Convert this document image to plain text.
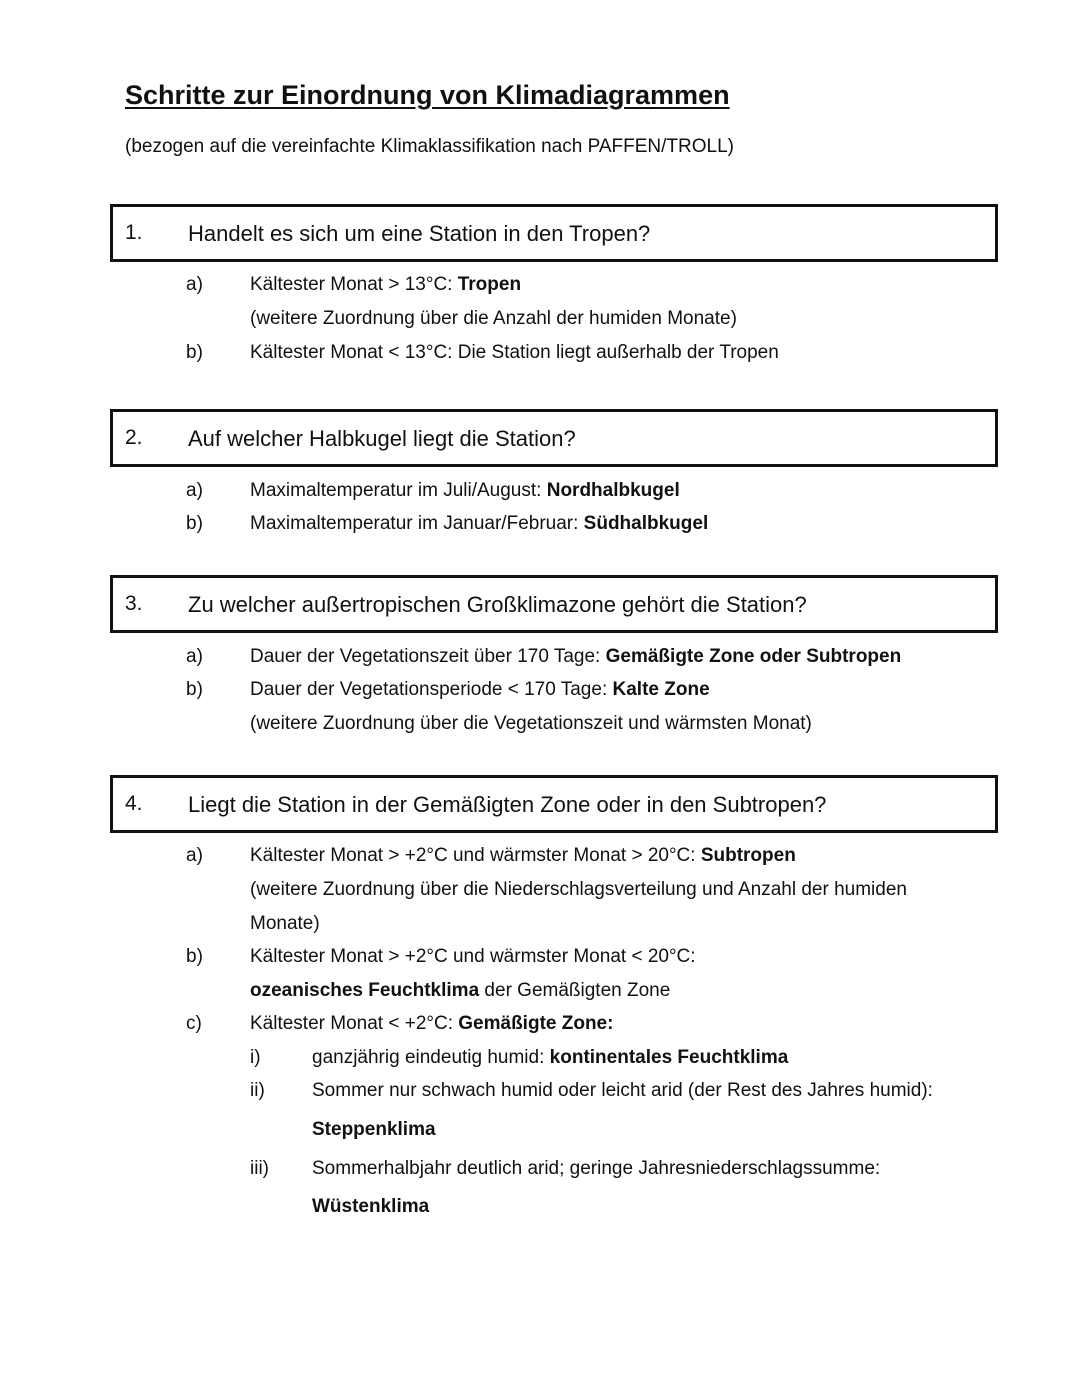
Schritte zur Einordnung von Klimadiagrammen
(bezogen auf die vereinfachte Klimaklassifikation nach PAFFEN/TROLL)
1. Handelt es sich um eine Station in den Tropen?
a) Kältester Monat > 13°C: Tropen
(weitere Zuordnung über die Anzahl der humiden Monate)
b) Kältester Monat < 13°C: Die Station liegt außerhalb der Tropen
2. Auf welcher Halbkugel liegt die Station?
a) Maximaltemperatur im Juli/August: Nordhalbkugel
b) Maximaltemperatur im Januar/Februar: Südhalbkugel
3. Zu welcher außertropischen Großklimazone gehört die Station?
a) Dauer der Vegetationszeit über 170 Tage: Gemäßigte Zone oder Subtropen
b) Dauer der Vegetationsperiode < 170 Tage: Kalte Zone
(weitere Zuordnung über die Vegetationszeit und wärmsten Monat)
4. Liegt die Station in der Gemäßigten Zone oder in den Subtropen?
a) Kältester Monat > +2°C und wärmster Monat > 20°C: Subtropen
(weitere Zuordnung über die Niederschlagsverteilung und Anzahl der humiden
Monate)
b) Kältester Monat > +2°C und wärmster Monat < 20°C:
ozeanisches Feuchtklima der Gemäßigten Zone
c)	Kältester Monat < +2°C: Gemäßigte Zone:
i)	ganzjährig eindeutig humid: kontinentales Feuchtklima
ii) Sommer nur schwach humid oder leicht arid (der Rest des Jahres humid):
Steppenklima
iii) Sommerhalbjahr deutlich arid; geringe Jahresniederschlagssumme:
Wüstenklima
